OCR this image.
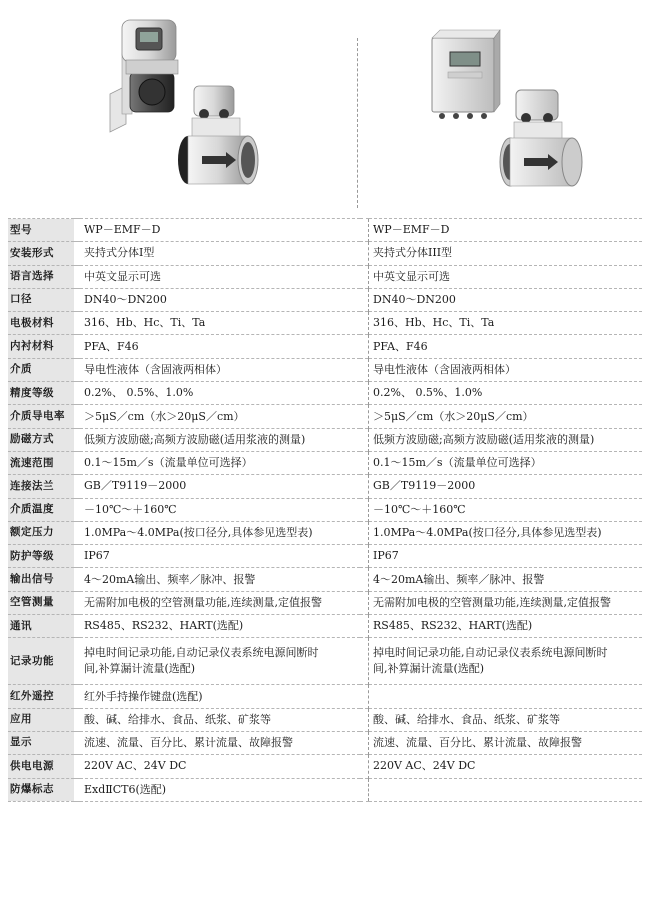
型号		WP－EMF－D		WP－EMF－D

安装形式		夹持式分体I型		夹持式分体III型

语言选择		中英文显示可选		中英文显示可选

口径		DN40～DN200		DN40～DN200

电极材料		316、Hb、Hc、Ti、Ta		316、Hb、Hc、Ti、Ta

内衬材料		PFA、F46		PFA、F46

介质		导电性液体（含固液两相体）		导电性液体（含固液两相体）

精度等级		0.2%、 0.5%、1.0%		0.2%、 0.5%、1.0%

介质导电率		＞5μS／cm（水＞20μS／cm）		＞5μS／cm（水＞20μS／cm）

励磁方式		低频方波励磁;高频方波励磁(适用浆液的测量)		低频方波励磁;高频方波励磁(适用浆液的测量)

流速范围		0.1～15m／s（流量单位可选择）		0.1～15m／s（流量单位可选择）

连接法兰		GB／T9119－2000		GB／T9119－2000

介质温度		－10℃～＋160℃		－10℃～＋160℃

额定压力		1.0MPa～4.0MPa(按口径分,具体参见选型表)		1.0MPa～4.0MPa(按口径分,具体参见选型表)

防护等级		IP67		IP67

输出信号		4～20mA输出、频率／脉冲、报警		4～20mA输出、频率／脉冲、报警

空管测量		无需附加电极的空管测量功能,连续测量,定值报警		无需附加电极的空管测量功能,连续测量,定值报警

通讯		RS485、RS232、HART(选配)		RS485、RS232、HART(选配)

记录功能		掉电时间记录功能,自动记录仪表系统电源间断时
间,补算漏计流量(选配)		掉电时间记录功能,自动记录仪表系统电源间断时
间,补算漏计流量(选配)

红外遥控		红外手持操作键盘(选配)		

应用		酸、碱、给排水、食品、纸浆、矿浆等		酸、碱、给排水、食品、纸浆、矿浆等

显示		流速、流量、百分比、累计流量、故障报警		流速、流量、百分比、累计流量、故障报警

供电电源		220V AC、24V DC		220V AC、24V DC

防爆标志		ExdⅡCT6(选配)		
